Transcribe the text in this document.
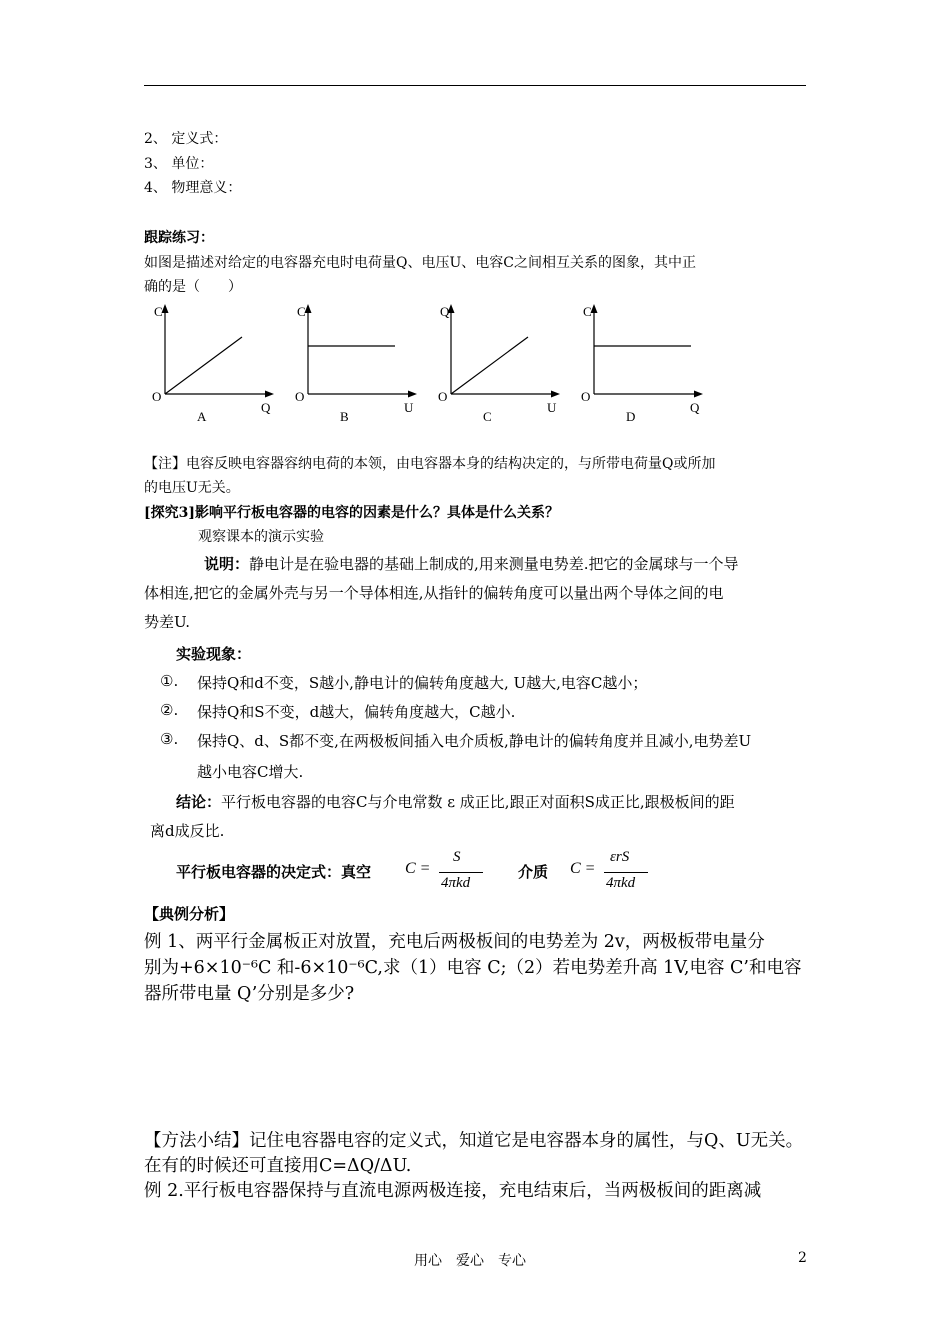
2、 定义式：
3、 单位：
4、 物理意义：
跟踪练习：
如图是描述对给定的电容器充电时电荷量Q、电压U、电容C之间相互关系的图象，其中正
确的是（　　）
C
O
Q
A
C
O
U
B
Q
O
U
C
C
O
Q
D
【注】电容反映电容器容纳电荷的本领，由电容器本身的结构决定的，与所带电荷量Q或所加
的电压U无关。
[探究3]影响平行板电容器的电容的因素是什么？具体是什么关系？
观察课本的演示实验
说明：静电计是在验电器的基础上制成的,用来测量电势差.把它的金属球与一个导
体相连,把它的金属外壳与另一个导体相连,从指针的偏转角度可以量出两个导体之间的电
势差U.
实验现象：
①. 保持Q和d不变，S越小,静电计的偏转角度越大, U越大,电容C越小；
②. 保持Q和S不变，d越大，偏转角度越大，C越小.
③. 保持Q、d、S都不变,在两极板间插入电介质板,静电计的偏转角度并且减小,电势差U
越小电容C增大.
结论：平行板电容器的电容C与介电常数 ε 成正比,跟正对面积S成正比,跟极板间的距
离d成反比.
平行板电容器的决定式：真空 C =
S
4πkd
介质 C =
εrS
4πkd
【典例分析】
例 1、两平行金属板正对放置，充电后两极板间的电势差为 2v，两极板带电量分
别为+6×10⁻⁶C 和-6×10⁻⁶C,求（1）电容 C;（2）若电势差升高 1V,电容 C’和电容
器所带电量 Q’分别是多少?
【方法小结】记住电容器电容的定义式，知道它是电容器本身的属性，与Q、U无关。
在有的时候还可直接用C=ΔQ/ΔU.
例 2.平行板电容器保持与直流电源两极连接，充电结束后，当两极板间的距离减
用心　爱心　专心	2
